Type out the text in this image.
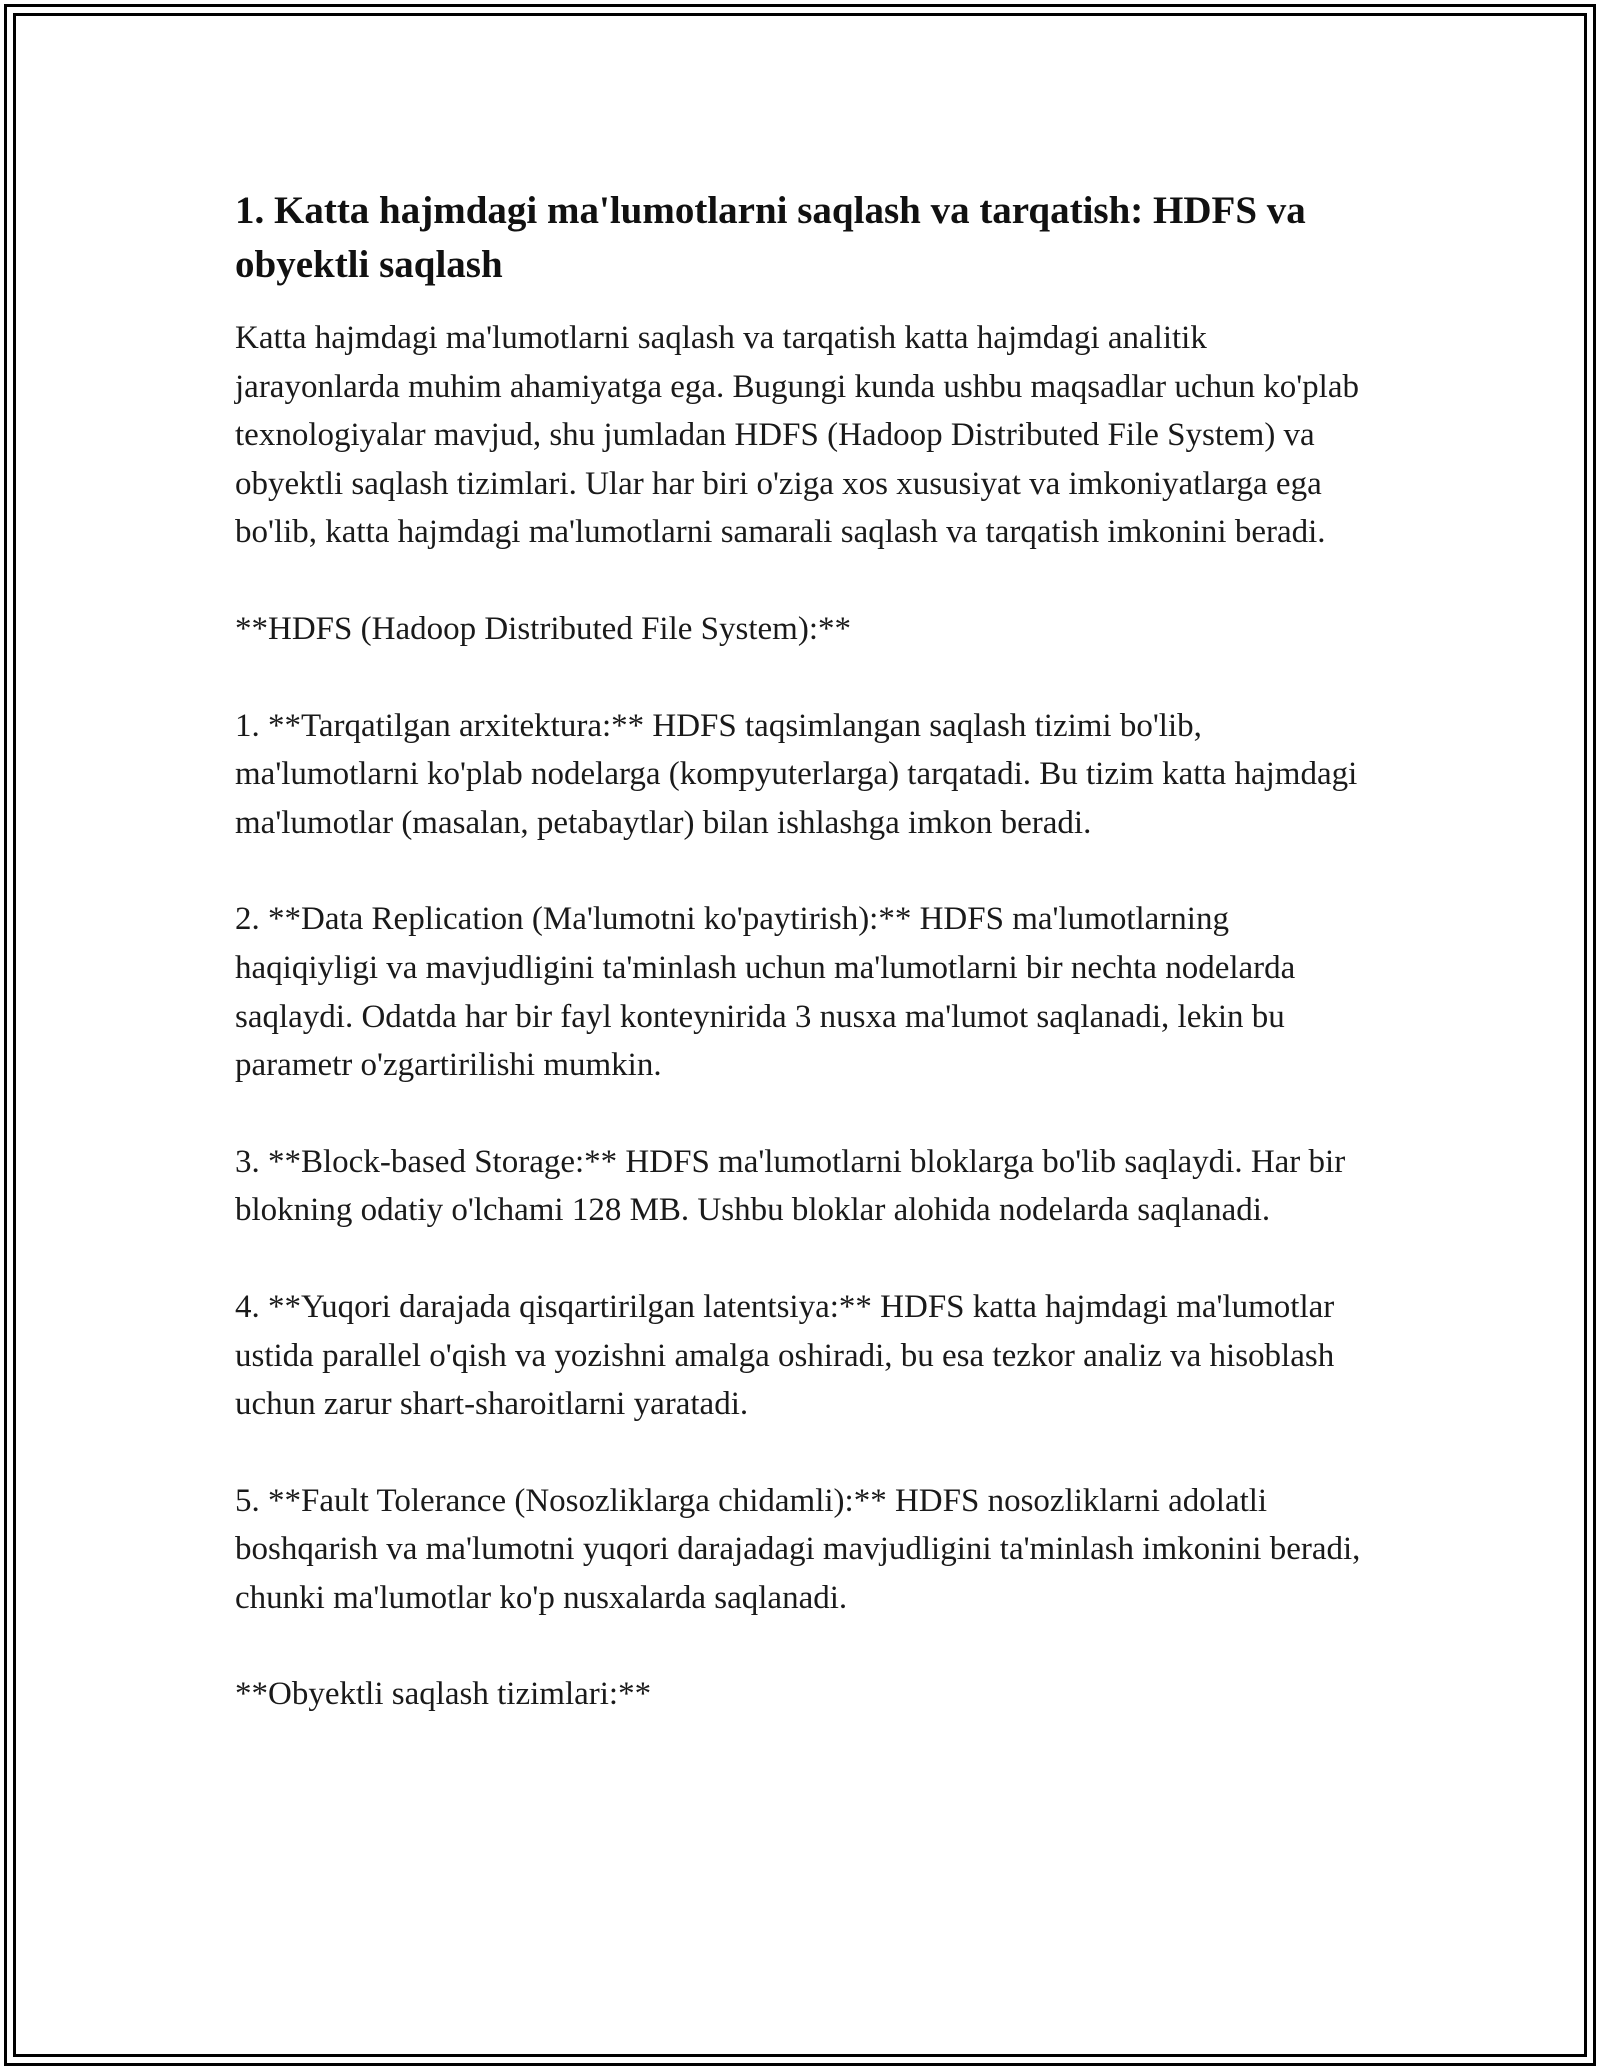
1. Katta hajmdagi ma'lumotlarni saqlash va tarqatish: HDFS va obyektli saqlash

Katta hajmdagi ma'lumotlarni saqlash va tarqatish katta hajmdagi analitik jarayonlarda muhim ahamiyatga ega. Bugungi kunda ushbu maqsadlar uchun ko'plab texnologiyalar mavjud, shu jumladan HDFS (Hadoop Distributed File System) va obyektli saqlash tizimlari. Ular har biri o'ziga xos xususiyat va imkoniyatlarga ega bo'lib, katta hajmdagi ma'lumotlarni samarali saqlash va tarqatish imkonini beradi.

**HDFS (Hadoop Distributed File System):**

1. **Tarqatilgan arxitektura:** HDFS taqsimlangan saqlash tizimi bo'lib, ma'lumotlarni ko'plab nodelarga (kompyuterlarga) tarqatadi. Bu tizim katta hajmdagi ma'lumotlar (masalan, petabaytlar) bilan ishlashga imkon beradi.

2. **Data Replication (Ma'lumotni ko'paytirish):** HDFS ma'lumotlarning haqiqiyligi va mavjudligini ta'minlash uchun ma'lumotlarni bir nechta nodelarda saqlaydi. Odatda har bir fayl konteynirida 3 nusxa ma'lumot saqlanadi, lekin bu parametr o'zgartirilishi mumkin.

3. **Block-based Storage:** HDFS ma'lumotlarni bloklarga bo'lib saqlaydi. Har bir blokning odatiy o'lchami 128 MB. Ushbu bloklar alohida nodelarda saqlanadi.

4. **Yuqori darajada qisqartirilgan latentsiya:** HDFS katta hajmdagi ma'lumotlar ustida parallel o'qish va yozishni amalga oshiradi, bu esa tezkor analiz va hisoblash uchun zarur shart-sharoitlarni yaratadi.

5. **Fault Tolerance (Nosozliklarga chidamli):** HDFS nosozliklarni adolatli boshqarish va ma'lumotni yuqori darajadagi mavjudligini ta'minlash imkonini beradi, chunki ma'lumotlar ko'p nusxalarda saqlanadi.

**Obyektli saqlash tizimlari:**
